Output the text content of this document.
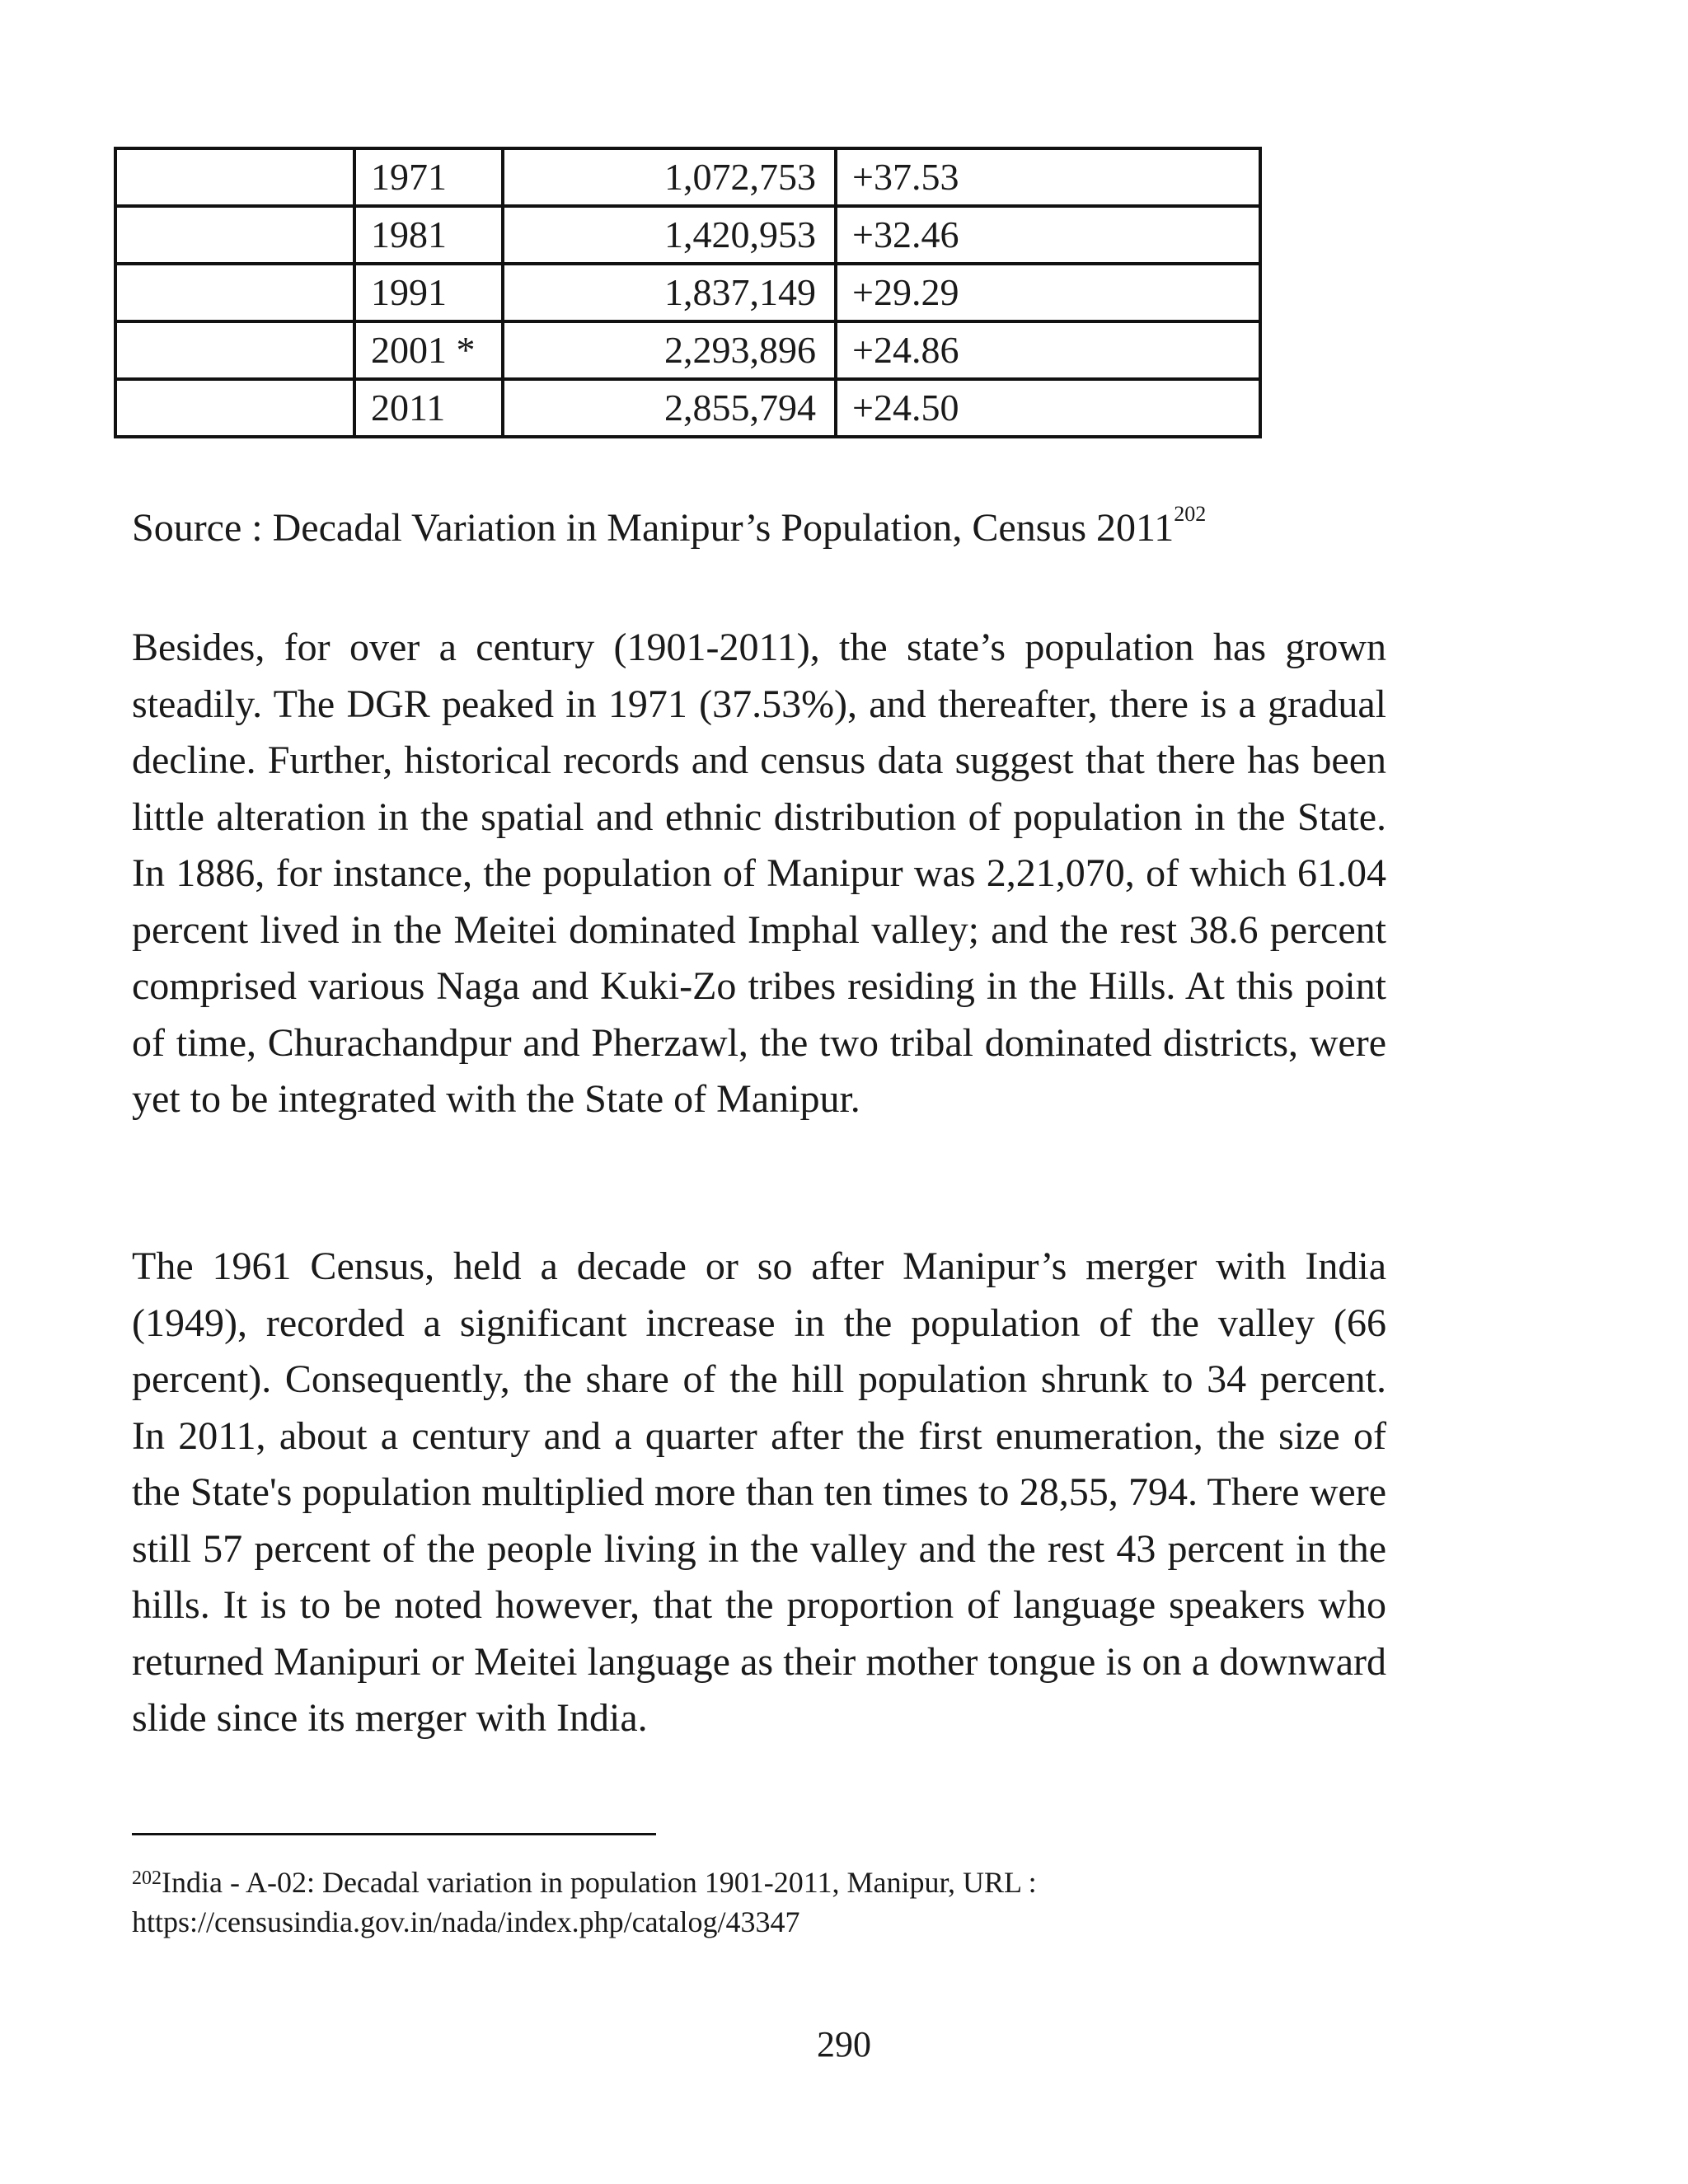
	1971	1,072,753	+37.53
	1981	1,420,953	+32.46
	1991	1,837,149	+29.29
	2001 *	2,293,896	+24.86
	2011	2,855,794	+24.50
Source : Decadal Variation in Manipur’s Population, Census 2011$^{202}$

Besides, for over a century (1901-2011), the state’s population has grown steadily. The DGR peaked in 1971 (37.53%), and thereafter, there is a gradual decline. Further, historical records and census data suggest that there has been little alteration in the spatial and ethnic distribution of population in the State. In 1886, for instance, the population of Manipur was 2,21,070, of which 61.04 percent lived in the Meitei dominated Imphal valley; and the rest 38.6 percent comprised various Naga and Kuki-Zo tribes residing in the Hills. At this point of time, Churachandpur and Pherzawl, the two tribal dominated districts, were yet to be integrated with the State of Manipur.

The 1961 Census, held a decade or so after Manipur’s merger with India (1949), recorded a significant increase in the population of the valley (66 percent). Consequently, the share of the hill population shrunk to 34 percent. In 2011, about a century and a quarter after the first enumeration, the size of the State's population multiplied more than ten times to 28,55, 794. There were still 57 percent of the people living in the valley and the rest 43 percent in the hills. It is to be noted however, that the proportion of language speakers who returned Manipuri or Meitei language as their mother tongue is on a downward slide since its merger with India.

$^{202}$India - A-02: Decadal variation in population 1901-2011, Manipur, URL :
https://censusindia.gov.in/nada/index.php/catalog/43347

290
